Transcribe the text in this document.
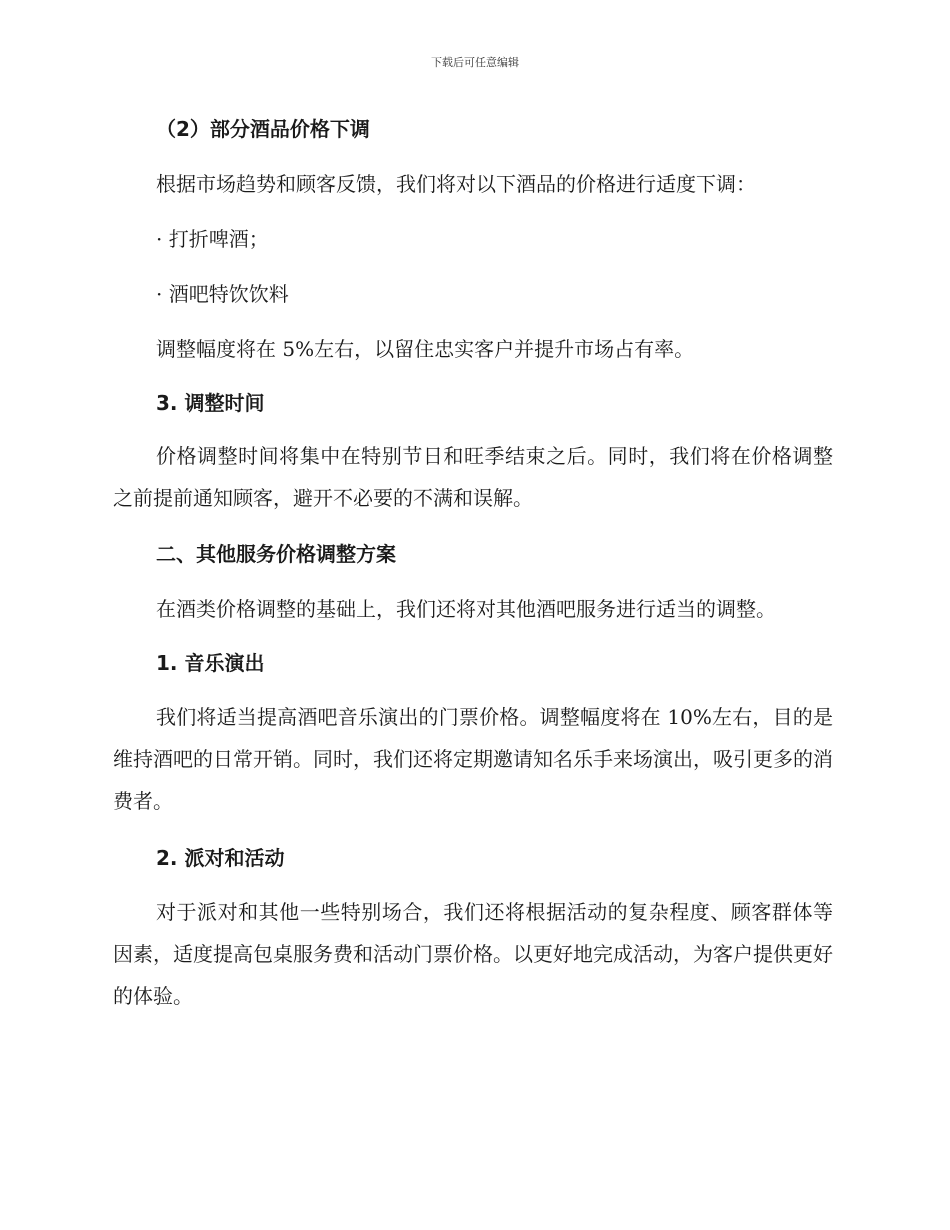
下载后可任意编辑
（2）部分酒品价格下调
根据市场趋势和顾客反馈，我们将对以下酒品的价格进行适度下调：
· 打折啤酒；
· 酒吧特饮饮料
调整幅度将在 5%左右，以留住忠实客户并提升市场占有率。
3. 调整时间
价格调整时间将集中在特别节日和旺季结束之后。同时，我们将在价格调整之前提前通知顾客，避开不必要的不满和误解。
二、其他服务价格调整方案
在酒类价格调整的基础上，我们还将对其他酒吧服务进行适当的调整。
1. 音乐演出
我们将适当提高酒吧音乐演出的门票价格。调整幅度将在 10%左右，目的是维持酒吧的日常开销。同时，我们还将定期邀请知名乐手来场演出，吸引更多的消费者。
2. 派对和活动
对于派对和其他一些特别场合，我们还将根据活动的复杂程度、顾客群体等因素，适度提高包桌服务费和活动门票价格。以更好地完成活动，为客户提供更好的体验。
